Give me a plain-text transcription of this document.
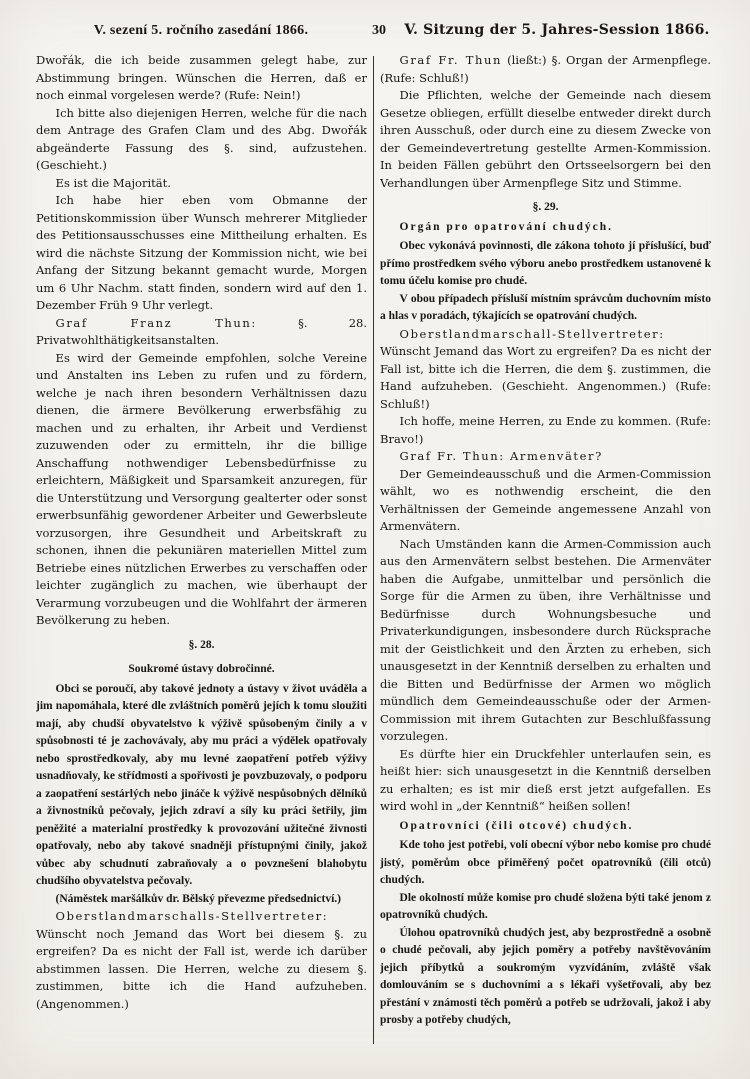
V. sezení 5. ročního zasedání 1866.	30	V. Sitzung der 5. Jahres-Session 1866.

Dwořák, die ich beide zusammen gelegt habe, zur Abstimmung bringen. Wünschen die Herren, daß er noch einmal vorgelesen werde? (Rufe: Nein!)

Ich bitte also diejenigen Herren, welche für die nach dem Antrage des Grafen Clam und des Abg. Dwořák abgeänderte Fassung des §. sind, aufzustehen. (Geschieht.)

Es ist die Majorität.

Ich habe hier eben vom Obmanne der Petitionskommission über Wunsch mehrerer Mitglieder des Petitionsausschusses eine Mittheilung erhalten. Es wird die nächste Sitzung der Kommission nicht, wie bei Anfang der Sitzung bekannt gemacht wurde, Morgen um 6 Uhr Nachm. statt finden, sondern wird auf den 1. Dezember Früh 9 Uhr verlegt.

Graf Franz Thun:	§. 28. Privatwohlthätigkeitsanstalten.

Es wird der Gemeinde empfohlen, solche Vereine und Anstalten ins Leben zu rufen und zu fördern, welche je nach ihren besondern Verhältnissen dazu dienen, die ärmere Bevölkerung erwerbsfähig zu machen und zu erhalten, ihr Arbeit und Verdienst zuzuwenden oder zu ermitteln, ihr die billige Anschaffung nothwendiger Lebensbedürfnisse zu erleichtern, Mäßigkeit und Sparsamkeit anzuregen, für die Unterstützung und Versorgung gealterter oder sonst erwerbsunfähig gewordener Arbeiter und Gewerbsleute vorzusorgen, ihre Gesundheit und Arbeitskraft zu schonen, ihnen die pekuniären materiellen Mittel zum Betriebe eines nützlichen Erwerbes zu verschaffen oder leichter zugänglich zu machen, wie überhaupt der Verarmung vorzubeugen und die Wohlfahrt der ärmeren Bevölkerung zu heben.

§. 28.

Soukromé ústavy dobročinné.

Obci se poroučí, aby takové jednoty a ústavy v život uváděla a jim napomáhala, které dle zvláštních poměrů jejích k tomu sloužiti mají, aby chudší obyvatelstvo k výživě spůsobeným činily a v spůsobnosti té je zachovávaly, aby mu práci a výdělek opatřovaly nebo sprostředkovaly, aby mu levné zaopatření potřeb výživy usnadňovaly, ke střídmosti a spořivosti je povzbuzovaly, o podporu a zaopatření sestárlých nebo jináče k výživě nespůsobných dělníků a živnostníků pečovaly, jejich zdraví a síly ku práci šetřily, jim peněžité a materialní prostředky k provozování užitečné živnosti opatřovaly, nebo aby takové snadněji přístupnými činily, jakož vůbec aby schudnutí zabraňovaly a o povznešení blahobytu chudšího obyvatelstva pečovaly.

(Náměstek maršálkův dr. Bělský převezme předsednictví.)

Oberstlandmarschalls-Stellvertreter: Wünscht noch Jemand das Wort bei diesem §. zu ergreifen? Da es nicht der Fall ist, werde ich darüber abstimmen lassen. Die Herren, welche zu diesem §. zustimmen, bitte ich die Hand aufzuheben. (Angenommen.)

Graf Fr. Thun (ließt:) §. Organ der Armenpflege. (Rufe: Schluß!)

Die Pflichten, welche der Gemeinde nach diesem Gesetze obliegen, erfüllt dieselbe entweder direkt durch ihren Ausschuß, oder durch eine zu diesem Zwecke von der Gemeindevertretung gestellte Armen-Kommission. In beiden Fällen gebührt den Ortsseelsorgern bei den Verhandlungen über Armenpflege Sitz und Stimme.

§. 29.

Orgán pro opatrování chudých.

Obec vykonává povinnosti, dle zákona tohoto jí příslušící, buď přímo prostředkem svého výboru anebo prostředkem ustanovené k tomu účelu komise pro chudé.

V obou případech přísluší místním správcům duchovním místo a hlas v poradách, týkajících se opatrování chudých.

Oberstlandmarschall-Stellvertreter: Wünscht Jemand das Wort zu ergreifen? Da es nicht der Fall ist, bitte ich die Herren, die dem §. zustimmen, die Hand aufzuheben. (Geschieht. Angenommen.) (Rufe: Schluß!)

Ich hoffe, meine Herren, zu Ende zu kommen. (Rufe: Bravo!)

Graf Fr. Thun: Armenväter?

Der Gemeindeausschuß und die Armen-Commission wählt, wo es nothwendig erscheint, die den Verhältnissen der Gemeinde angemessene Anzahl von Armenvätern.

Nach Umständen kann die Armen-Commission auch aus den Armenvätern selbst bestehen. Die Armenväter haben die Aufgabe, unmittelbar und persönlich die Sorge für die Armen zu üben, ihre Verhältnisse und Bedürfnisse durch Wohnungsbesuche und Privaterkundigungen, insbesondere durch Rücksprache mit der Geistlichkeit und den Ärzten zu erheben, sich unausgesetzt in der Kenntniß derselben zu erhalten und die Bitten und Bedürfnisse der Armen wo möglich mündlich dem Gemeindeausschuße oder der Armen-Commission mit ihrem Gutachten zur Beschlußfassung vorzulegen.

Es dürfte hier ein Druckfehler unterlaufen sein, es heißt hier: sich unausgesetzt in die Kenntniß derselben zu erhalten; es ist mir dieß erst jetzt aufgefallen. Es wird wohl in „der Kenntniß“ heißen sollen!

Opatrovníci (čili otcové) chudých.

Kde toho jest potřebi, volí obecní výbor nebo komise pro chudé jistý, poměrům obce přiměřený počet opatrovníků (čili otců) chudých.

Dle okolností může komise pro chudé složena býti také jenom z opatrovníků chudých.

Úlohou opatrovníků chudých jest, aby bezprostředně a osobně o chudé pečovali, aby jejich poměry a potřeby navštěvováním jejich příbytků a soukromým vyzvídáním, zvláště však domlouváním se s duchovními a s lékaři vyšetřovali, aby bez přestání v známosti těch poměrů a potřeb se udržovali, jakož i aby prosby a potřeby chudých,
